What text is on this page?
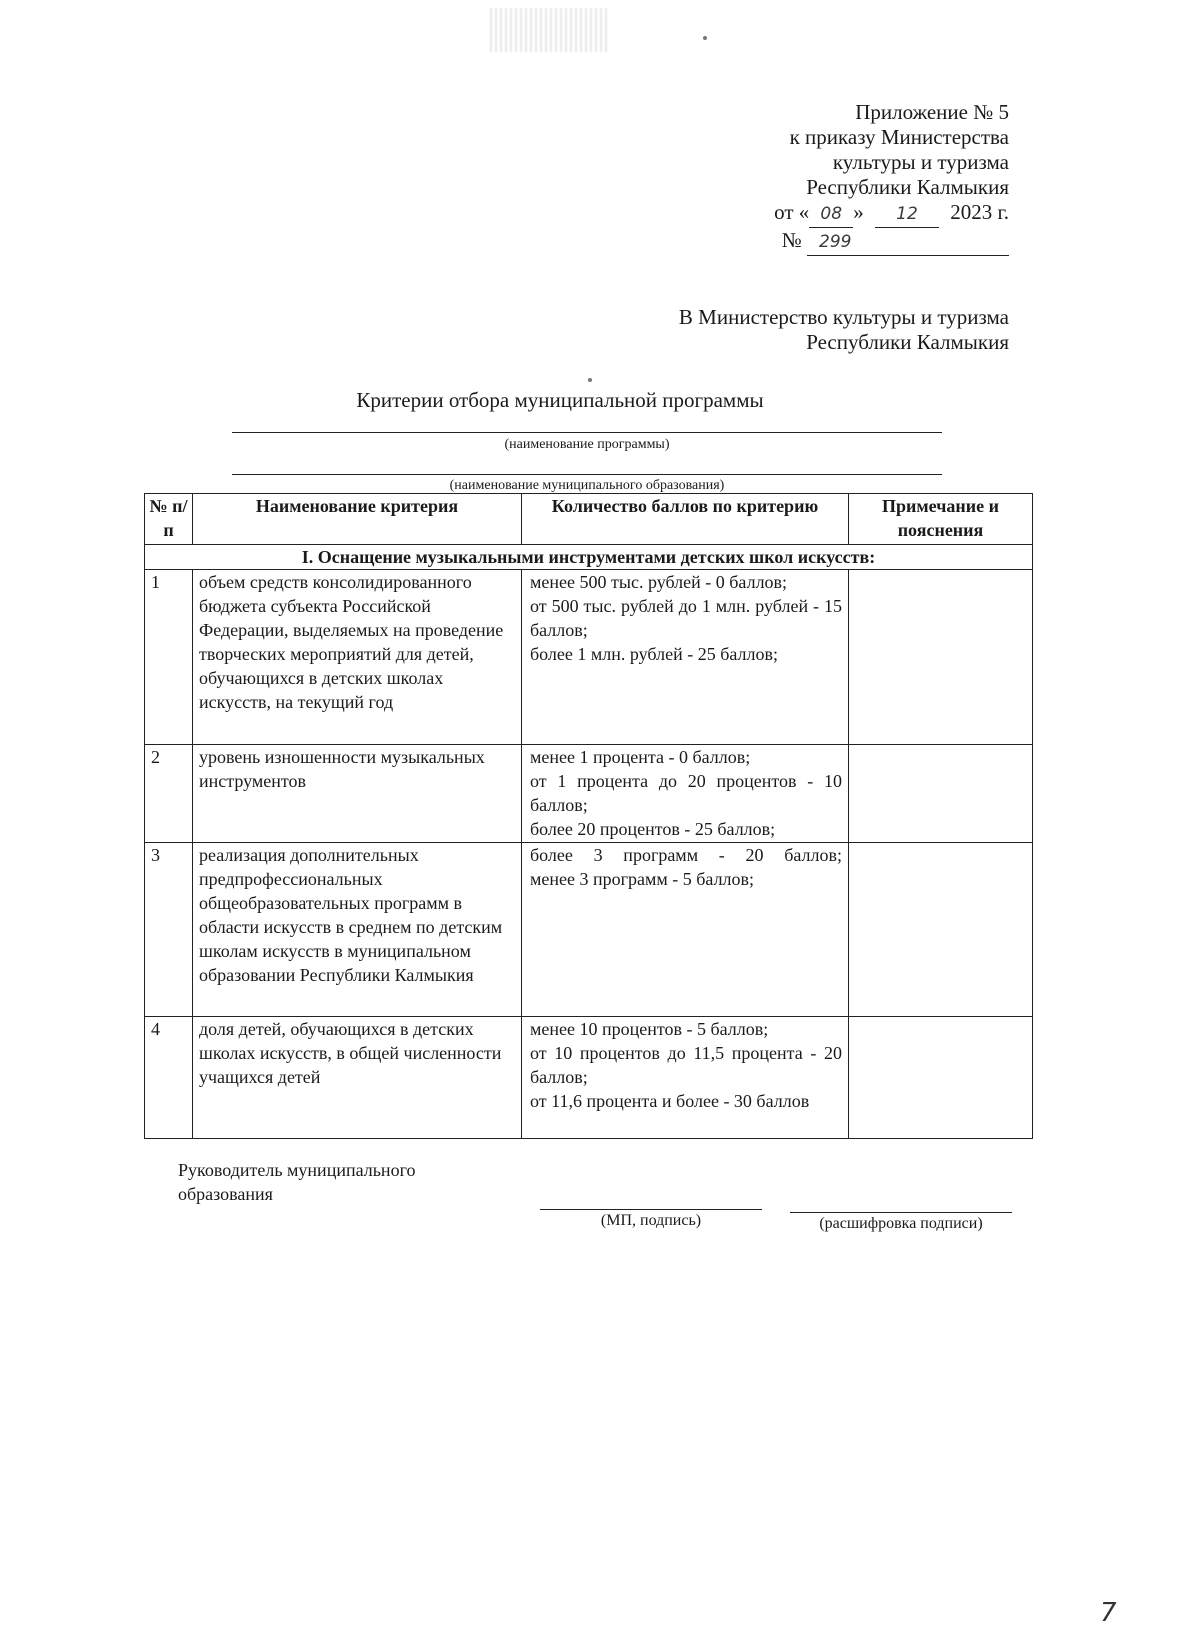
Приложение № 5
к приказу Министерства
культуры и туризма
Республики Калмыкия
от « 08 » 12 2023 г.
№ 299
В Министерство культуры и туризма
Республики Калмыкия
Критерии отбора муниципальной программы
(наименование программы)
(наименование муниципального образования)
№ п/п	Наименование критерия	Количество баллов по критерию	Примечание и пояснения
I. Оснащение музыкальными инструментами детских школ искусств:			
1	объем средств консолидированного бюджета субъекта Российской Федерации, выделяемых на проведение творческих мероприятий для детей, обучающихся в детских школах искусств, на текущий год	менее 500 тыс. рублей - 0 баллов;
от 500 тыс. рублей до 1 млн. рублей - 15 баллов;
более 1 млн. рублей - 25 баллов;	

2	уровень изношенности музыкальных инструментов	менее 1 процента - 0 баллов;
от 1 процента до 20 процентов - 10 баллов;
более 20 процентов - 25 баллов;	

3	реализация дополнительных предпрофессиональных общеобразовательных программ в области искусств в среднем по детским школам искусств в муниципальном образовании Республики Калмыкия	более 3 программ - 20 баллов;
менее 3 программ - 5 баллов;	

4	доля детей, обучающихся в детских школах искусств, в общей численности учащихся детей	менее 10 процентов - 5 баллов;
от 10 процентов до 11,5 процента - 20 баллов;
от 11,6 процента и более - 30 баллов	

Руководитель муниципального
образования
(МП, подпись)	(расшифровка подписи)
7
